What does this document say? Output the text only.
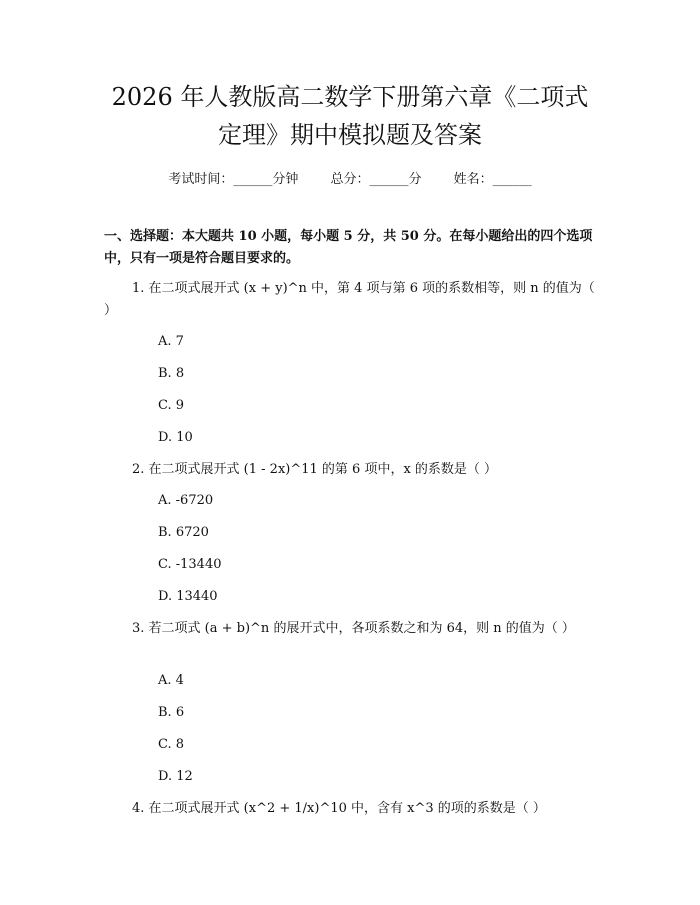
2026 年人教版高二数学下册第六章《二项式
定理》期中模拟题及答案
考试时间：______分钟 总分：______分 姓名：______
一、选择题：本大题共 10 小题，每小题 5 分，共 50 分。在每小题给出的四个选项中，只有一项是符合题目要求的。
1. 在二项式展开式 (x + y)^n 中，第 4 项与第 6 项的系数相等，则 n 的值为（ ）
A. 7
B. 8
C. 9
D. 10
2. 在二项式展开式 (1 - 2x)^11 的第 6 项中，x 的系数是（ ）
A. -6720
B. 6720
C. -13440
D. 13440
3. 若二项式 (a + b)^n 的展开式中，各项系数之和为 64，则 n 的值为（ ）
A. 4
B. 6
C. 8
D. 12
4. 在二项式展开式 (x^2 + 1/x)^10 中，含有 x^3 的项的系数是（ ）
